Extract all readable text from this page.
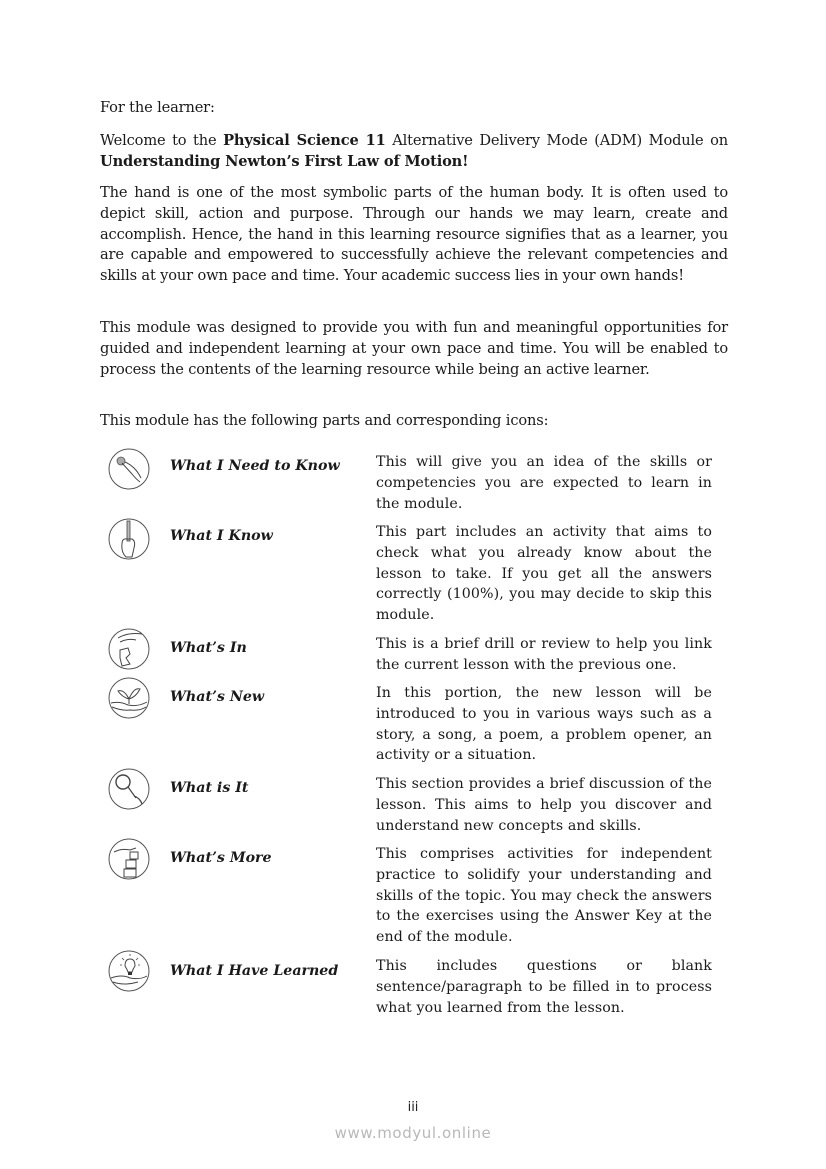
For the learner:

Welcome to the Physical Science 11 Alternative Delivery Mode (ADM) Module on Understanding Newton’s First Law of Motion!

The hand is one of the most symbolic parts of the human body. It is often used to depict skill, action and purpose. Through our hands we may learn, create and accomplish. Hence, the hand in this learning resource signifies that as a learner, you are capable and empowered to successfully achieve the relevant competencies and skills at your own pace and time. Your academic success lies in your own hands!

This module was designed to provide you with fun and meaningful opportunities for guided and independent learning at your own pace and time. You will be enabled to process the contents of the learning resource while being an active learner.

This module has the following parts and corresponding icons:

What I Need to Know	This will give you an idea of the skills or competencies you are expected to learn in the module.
What I Know	This part includes an activity that aims to check what you already know about the lesson to take. If you get all the answers correctly (100%), you may decide to skip this module.
What’s In	This is a brief drill or review to help you link the current lesson with the previous one.
What’s New	In this portion, the new lesson will be introduced to you in various ways such as a story, a song, a poem, a problem opener, an activity or a situation.
What is It	This section provides a brief discussion of the lesson. This aims to help you discover and understand new concepts and skills.
What’s More	This comprises activities for independent practice to solidify your understanding and skills of the topic. You may check the answers to the exercises using the Answer Key at the end of the module.
What I Have Learned	This includes questions or blank sentence/paragraph to be filled in to process what you learned from the lesson.
iii
www.modyul.online
